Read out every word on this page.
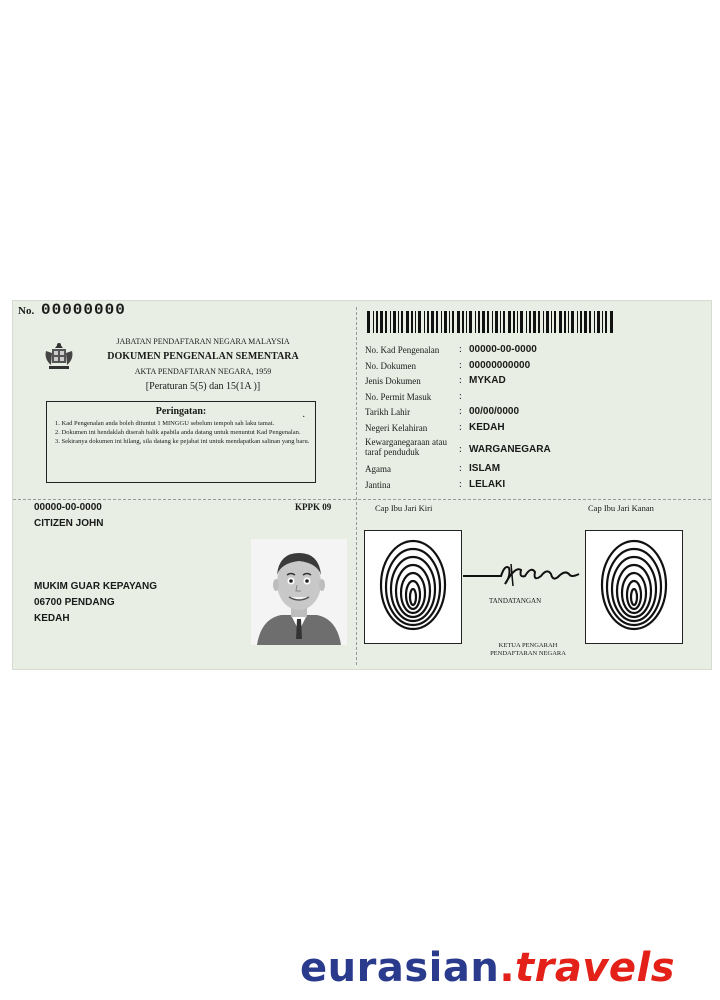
No. 00000000
JABATAN PENDAFTARAN NEGARA MALAYSIA
DOKUMEN PENGENALAN SEMENTARA
AKTA PENDAFTARAN NEGARA, 1959
[Peraturan 5(5) dan 15(1A )]
Peringatan:	.
1. Kad Pengenalan anda boleh dituntut 1 MINGGU sebelum tempoh sah laku tamat.
2. Dokumen ini hendaklah diserah balik apabila anda datang untuk menuntut Kad Pengenalan.
3. Sekiranya dokumen ini hilang, sila datang ke pejabat ini untuk mendapatkan salinan yang baru.
No. Kad Pengenalan : 00000-00-0000
No. Dokumen	: 00000000000
Jenis Dokumen	: MYKAD
No. Permit Masuk	:
Tarikh Lahir	: 00/00/0000
Negeri Kelahiran	: KEDAH
Kewarganegaraan atau taraf penduduk	: WARGANEGARA
Agama	: ISLAM
Jantina	: LELAKI
00000-00-0000
CITIZEN JOHN
KPPK 09
MUKIM GUAR KEPAYANG
06700 PENDANG
KEDAH
Cap Ibu Jari Kiri	Cap Ibu Jari Kanan
TANDATANGAN
KETUA PENGARAH
PENDAFTARAN NEGARA
eurasian.travels
